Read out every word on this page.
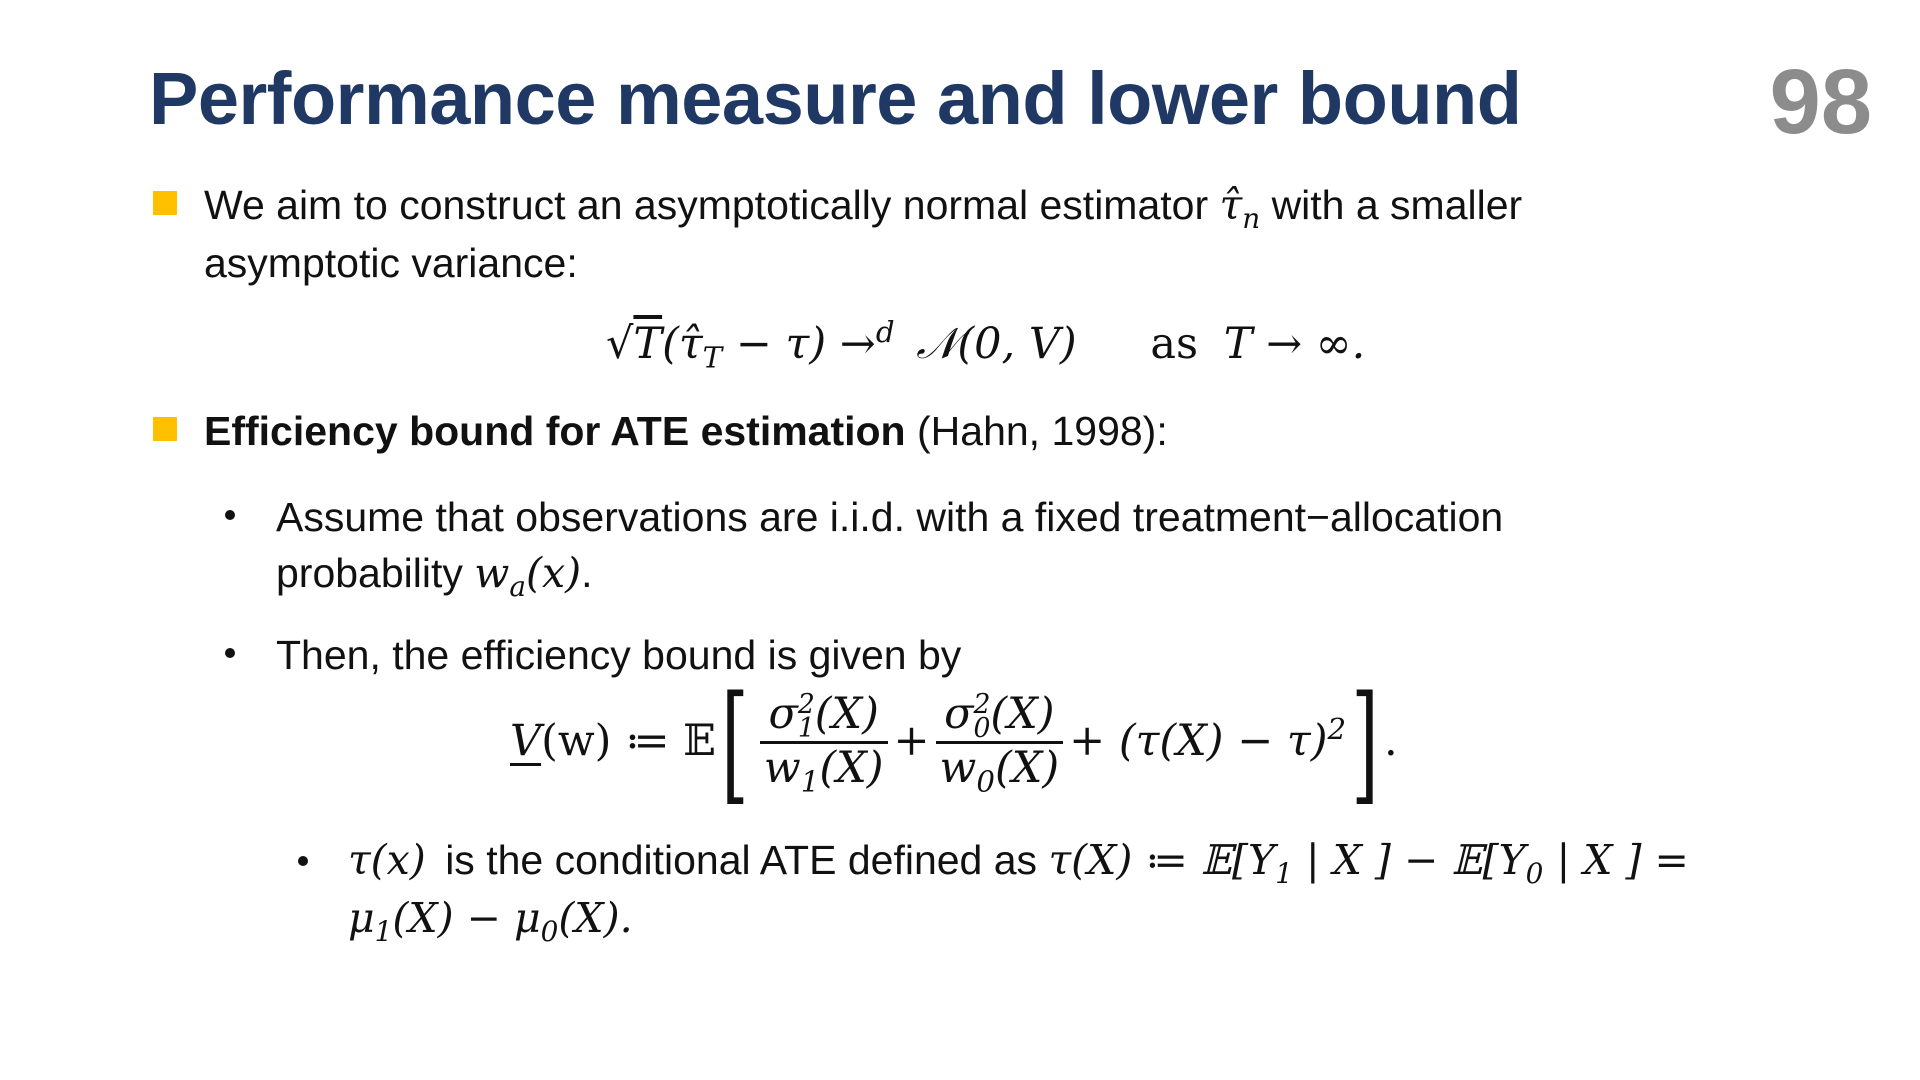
Performance measure and lower bound	98
We aim to construct an asymptotically normal estimator $\taû_n$ with a smaller
asymptotic variance:
$√T(\taû_T - \tau) \to^d$ 𝒩(0, V) as T → ∞.
Efficiency bound for ATE estimation (Hahn, 1998):
Assume that observations are i.i.d. with a fixed treatment−allocation
probability $w_a(x)$.
Then, the efficiency bound is given by
V(w) ≔ 𝔼[ σ 2
1 (X)
$w_1(X) + \sigma$ 2
0 (X)
$w_0(X) + (\tau(X) - \tau)^2$] .
τ(x) is the conditional ATE defined as τ(X) ≔ $𝔼[Y_1$ | X ] − $𝔼[Y_0$ | X ] =
$\mu_1(X) - \mu_0(X)$.
